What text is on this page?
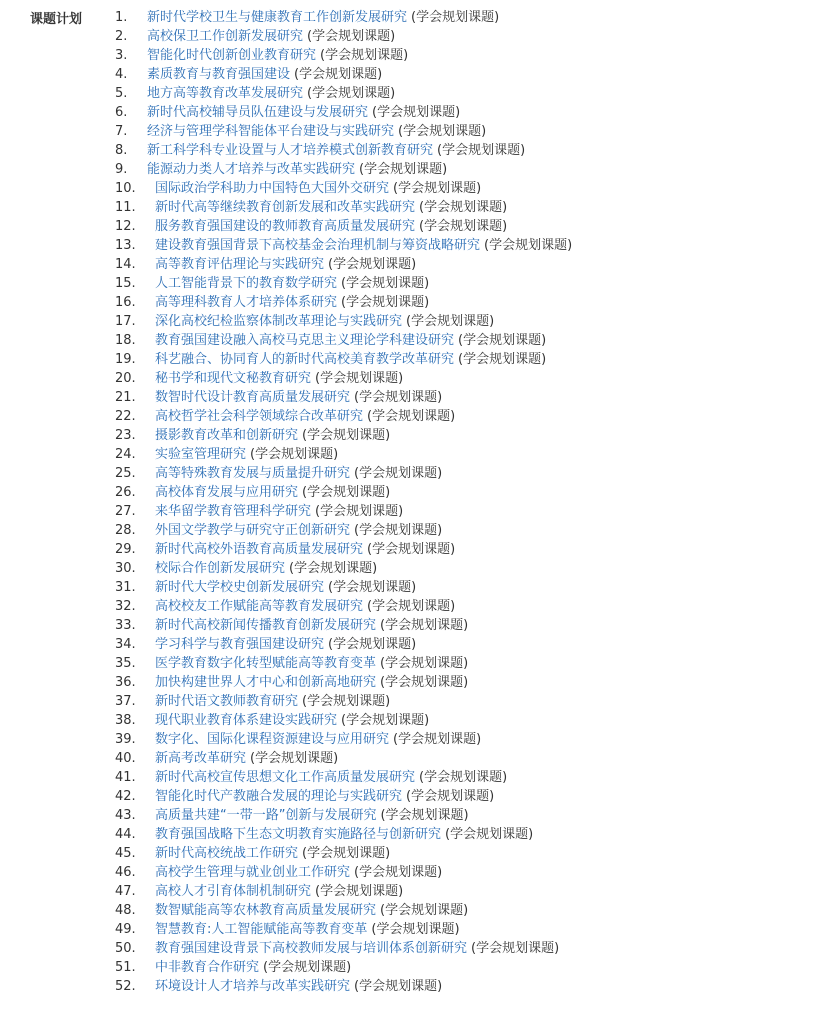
课题计划	1.	新时代学校卫生与健康教育工作创新发展研究 (学会规划课题)
2.	高校保卫工作创新发展研究 (学会规划课题)
3.	智能化时代创新创业教育研究 (学会规划课题)
4.	素质教育与教育强国建设 (学会规划课题)
5.	地方高等教育改革发展研究 (学会规划课题)
6.	新时代高校辅导员队伍建设与发展研究 (学会规划课题)
7.	经济与管理学科智能体平台建设与实践研究 (学会规划课题)
8.	新工科学科专业设置与人才培养模式创新教育研究 (学会规划课题)
9.	能源动力类人才培养与改革实践研究 (学会规划课题)
10.	国际政治学科助力中国特色大国外交研究 (学会规划课题)
11.	新时代高等继续教育创新发展和改革实践研究 (学会规划课题)
12.	服务教育强国建设的教师教育高质量发展研究 (学会规划课题)
13.	建设教育强国背景下高校基金会治理机制与筹资战略研究 (学会规划课题)
14.	高等教育评估理论与实践研究 (学会规划课题)
15.	人工智能背景下的教育数学研究 (学会规划课题)
16.	高等理科教育人才培养体系研究 (学会规划课题)
17.	深化高校纪检监察体制改革理论与实践研究 (学会规划课题)
18.	教育强国建设融入高校马克思主义理论学科建设研究 (学会规划课题)
19.	科艺融合、协同育人的新时代高校美育教学改革研究 (学会规划课题)
20.	秘书学和现代文秘教育研究 (学会规划课题)
21.	数智时代设计教育高质量发展研究 (学会规划课题)
22.	高校哲学社会科学领域综合改革研究 (学会规划课题)
23.	摄影教育改革和创新研究 (学会规划课题)
24.	实验室管理研究 (学会规划课题)
25.	高等特殊教育发展与质量提升研究 (学会规划课题)
26.	高校体育发展与应用研究 (学会规划课题)
27.	来华留学教育管理科学研究 (学会规划课题)
28.	外国文学教学与研究守正创新研究 (学会规划课题)
29.	新时代高校外语教育高质量发展研究 (学会规划课题)
30.	校际合作创新发展研究 (学会规划课题)
31.	新时代大学校史创新发展研究 (学会规划课题)
32.	高校校友工作赋能高等教育发展研究 (学会规划课题)
33.	新时代高校新闻传播教育创新发展研究 (学会规划课题)
34.	学习科学与教育强国建设研究 (学会规划课题)
35.	医学教育数字化转型赋能高等教育变革 (学会规划课题)
36.	加快构建世界人才中心和创新高地研究 (学会规划课题)
37.	新时代语文教师教育研究 (学会规划课题)
38.	现代职业教育体系建设实践研究 (学会规划课题)
39.	数字化、国际化课程资源建设与应用研究 (学会规划课题)
40.	新高考改革研究 (学会规划课题)
41.	新时代高校宣传思想文化工作高质量发展研究 (学会规划课题)
42.	智能化时代产教融合发展的理论与实践研究 (学会规划课题)
43.	高质量共建“一带一路”创新与发展研究 (学会规划课题)
44.	教育强国战略下生态文明教育实施路径与创新研究 (学会规划课题)
45.	新时代高校统战工作研究 (学会规划课题)
46.	高校学生管理与就业创业工作研究 (学会规划课题)
47.	高校人才引育体制机制研究 (学会规划课题)
48.	数智赋能高等农林教育高质量发展研究 (学会规划课题)
49.	智慧教育:人工智能赋能高等教育变革 (学会规划课题)
50.	教育强国建设背景下高校教师发展与培训体系创新研究 (学会规划课题)
51.	中非教育合作研究 (学会规划课题)
52.	环境设计人才培养与改革实践研究 (学会规划课题)
